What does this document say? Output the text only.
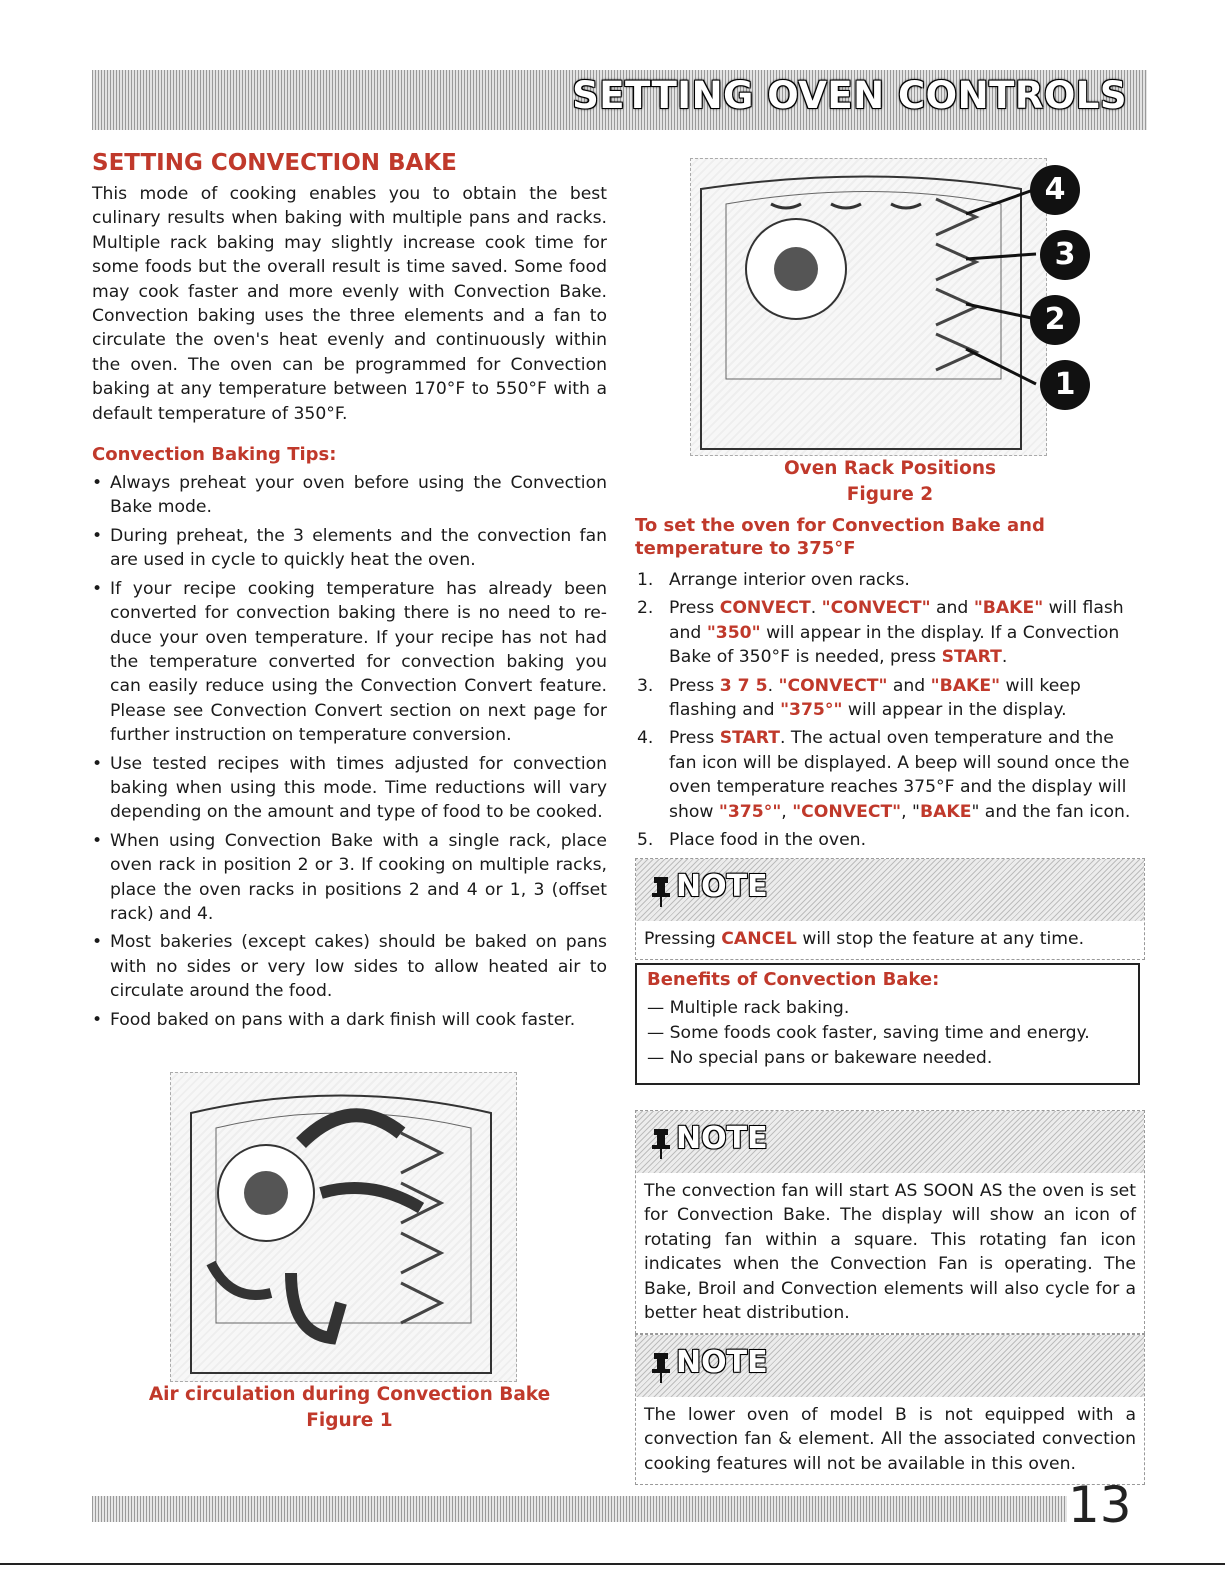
SETTING OVEN CONTROLS
SETTING CONVECTION BAKE

This mode of cooking enables you to obtain the best culinary results when baking with multiple pans and racks. Multiple rack baking may slightly increase cook time for some foods but the overall result is time saved. Some food may cook faster and more evenly with Convection Bake. Convection baking uses the three elements and a fan to circulate the oven's heat evenly and continuously within the oven. The oven can be programmed for Convection baking at any temperature between 170°F to 550°F with a default temperature of 350°F.

Convection Baking Tips:
• Always preheat your oven before using the Convection Bake mode.
• During preheat, the 3 elements and the convection fan are used in cycle to quickly heat the oven.
• If your recipe cooking temperature has already been converted for convection baking there is no need to re-duce your oven temperature. If your recipe has not had the temperature converted for convection baking you can easily reduce using the Convection Convert feature. Please see Convection Convert section on next page for further instruction on temperature conversion.
• Use tested recipes with times adjusted for convection baking when using this mode. Time reductions will vary depending on the amount and type of food to be cooked.
• When using Convection Bake with a single rack, place oven rack in position 2 or 3. If cooking on multiple racks, place the oven racks in positions 2 and 4 or 1, 3 (offset rack) and 4.
• Most bakeries (except cakes) should be baked on pans with no sides or very low sides to allow heated air to circulate around the food.
• Food baked on pans with a dark finish will cook faster.
Air circulation during Convection Bake
Figure 1
4
3
2
1
Oven Rack Positions
Figure 2
To set the oven for Convection Bake and temperature to 375°F
1. Arrange interior oven racks.
2. Press CONVECT. "CONVECT" and "BAKE" will flash and "350" will appear in the display. If a Convection Bake of 350°F is needed, press START.
3. Press 3 7 5. "CONVECT" and "BAKE" will keep flashing and "375°" will appear in the display.
4. Press START. The actual oven temperature and the fan icon will be displayed. A beep will sound once the oven temperature reaches 375°F and the display will show "375°", "CONVECT", "BAKE" and the fan icon.
5. Place food in the oven.
NOTE
Pressing CANCEL will stop the feature at any time.
Benefits of Convection Bake:
— Multiple rack baking.
— Some foods cook faster, saving time and energy.
— No special pans or bakeware needed.
NOTE
The convection fan will start AS SOON AS the oven is set for Convection Bake. The display will show an icon of rotating fan within a square. This rotating fan icon indicates when the Convection Fan is operating. The Bake, Broil and Convection elements will also cycle for a better heat distribution.
NOTE
The lower oven of model B is not equipped with a convection fan & element. All the associated convection cooking features will not be available in this oven.
13
